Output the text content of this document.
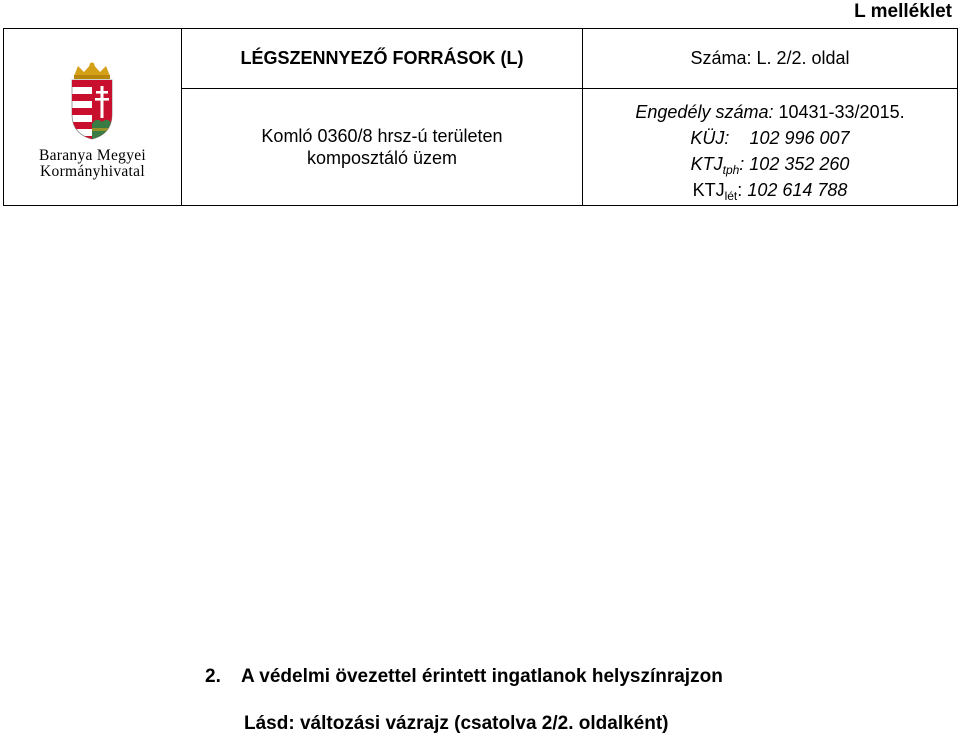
L melléklet
Baranya Megyei
Kormányhivatal
LÉGSZENNYEZŐ FORRÁSOK (L)
Komló 0360/8 hrsz-ú területen
komposztáló üzem
Száma: L. 2/2. oldal
Engedély száma: 10431-33/2015.
KÜJ: 102 996 007
$KTJ_{tph}$: 102 352 260
$KTJ_{lét}$: 102 614 788
2. A védelmi övezettel érintett ingatlanok helyszínrajzon
Lásd: változási vázrajz (csatolva 2/2. oldalként)
